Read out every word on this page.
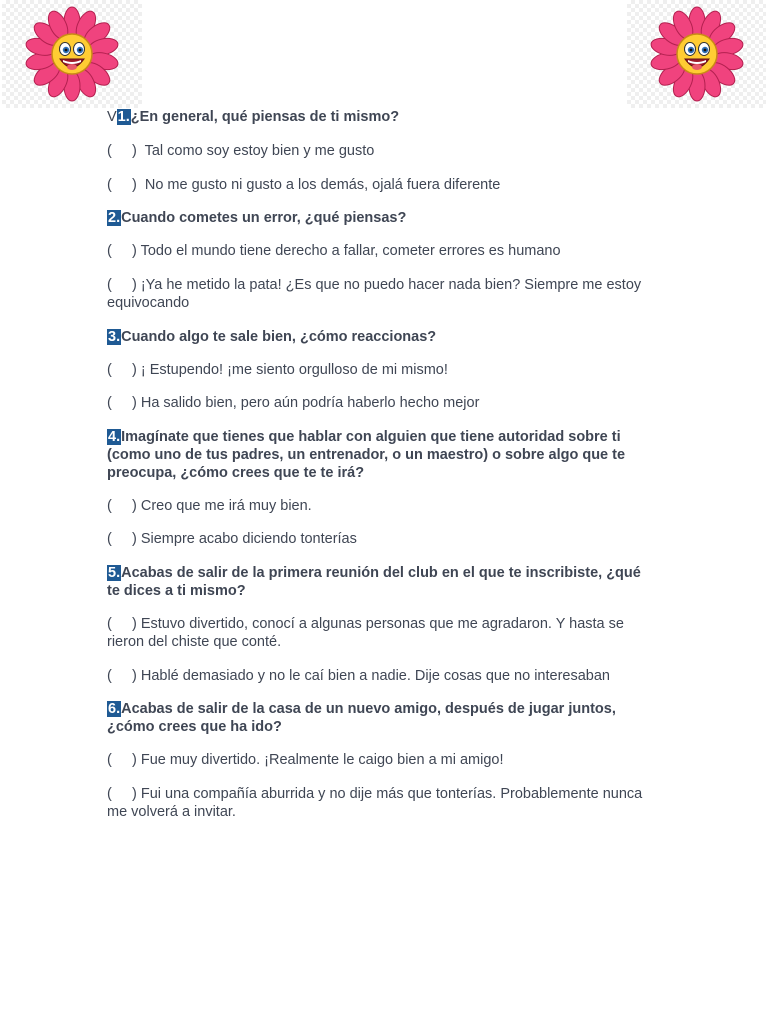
V1.¿En general, qué piensas de ti mismo?

(     )  Tal como soy estoy bien y me gusto

(     )  No me gusto ni gusto a los demás, ojalá fuera diferente

2.Cuando cometes un error, ¿qué piensas?

(     ) Todo el mundo tiene derecho a fallar, cometer errores es humano

(     ) ¡Ya he metido la pata! ¿Es que no puedo hacer nada bien? Siempre me estoy equivocando

3.Cuando algo te sale bien, ¿cómo reaccionas?

(     ) ¡ Estupendo! ¡me siento orgulloso de mi mismo!

(     ) Ha salido bien, pero aún podría haberlo hecho mejor

4.Imagínate que tienes que hablar con alguien que tiene autoridad sobre ti (como uno de tus padres, un entrenador, o un maestro) o sobre algo que te preocupa, ¿cómo crees que te te irá?

(     ) Creo que me irá muy bien.

(     ) Siempre acabo diciendo tonterías

5.Acabas de salir de la primera reunión del club en el que te inscribiste, ¿qué te dices a ti mismo?

(     ) Estuvo divertido, conocí a algunas personas que me agradaron. Y hasta se rieron del chiste que conté.

(     ) Hablé demasiado y no le caí bien a nadie. Dije cosas que no interesaban

6.Acabas de salir de la casa de un nuevo amigo, después de jugar juntos, ¿cómo crees que ha ido?

(     ) Fue muy divertido. ¡Realmente le caigo bien a mi amigo!

(     ) Fui una compañía aburrida y no dije más que tonterías. Probablemente nunca me volverá a invitar.
